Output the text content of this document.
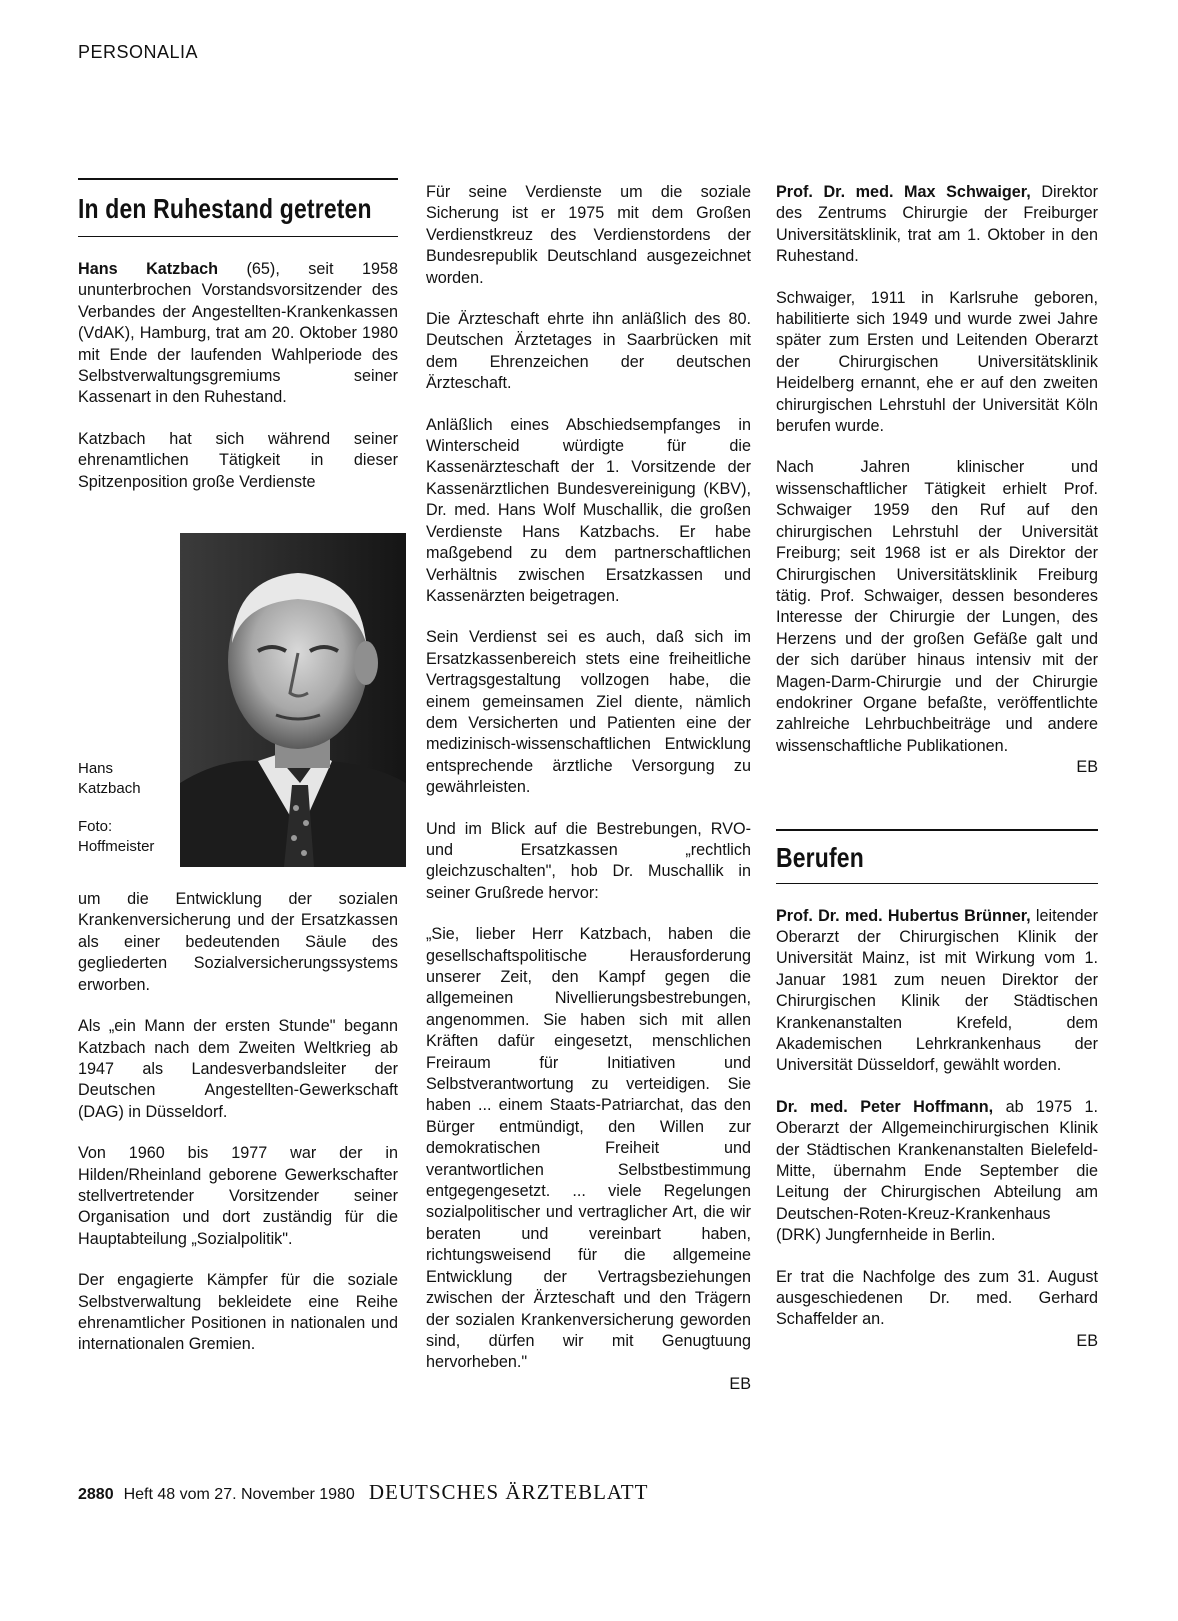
PERSONALIA
In den Ruhestand getreten

Hans Katzbach (65), seit 1958 ununterbrochen Vorstandsvorsitzender des Verbandes der Angestellten-Krankenkassen (VdAK), Hamburg, trat am 20. Oktober 1980 mit Ende der laufenden Wahlperiode des Selbstverwaltungsgremiums seiner Kassenart in den Ruhestand.

Katzbach hat sich während seiner ehrenamtlichen Tätigkeit in dieser Spitzenposition große Verdienste

Hans Katzbach
Foto: Hoffmeister

um die Entwicklung der sozialen Krankenversicherung und der Ersatzkassen als einer bedeutenden Säule des gegliederten Sozialversicherungssystems erworben.

Als „ein Mann der ersten Stunde" begann Katzbach nach dem Zweiten Weltkrieg ab 1947 als Landesverbandsleiter der Deutschen Angestellten-Gewerkschaft (DAG) in Düsseldorf.

Von 1960 bis 1977 war der in Hilden/Rheinland geborene Gewerkschafter stellvertretender Vorsitzender seiner Organisation und dort zuständig für die Hauptabteilung „Sozialpolitik".

Der engagierte Kämpfer für die soziale Selbstverwaltung bekleidete eine Reihe ehrenamtlicher Positionen in nationalen und internationalen Gremien.

Für seine Verdienste um die soziale Sicherung ist er 1975 mit dem Großen Verdienstkreuz des Verdienstordens der Bundesrepublik Deutschland ausgezeichnet worden.

Die Ärzteschaft ehrte ihn anläßlich des 80. Deutschen Ärztetages in Saarbrücken mit dem Ehrenzeichen der deutschen Ärzteschaft.

Anläßlich eines Abschiedsempfanges in Winterscheid würdigte für die Kassenärzteschaft der 1. Vorsitzende der Kassenärztlichen Bundesvereinigung (KBV), Dr. med. Hans Wolf Muschallik, die großen Verdienste Hans Katzbachs. Er habe maßgebend zu dem partnerschaftlichen Verhältnis zwischen Ersatzkassen und Kassenärzten beigetragen.

Sein Verdienst sei es auch, daß sich im Ersatzkassenbereich stets eine freiheitliche Vertragsgestaltung vollzogen habe, die einem gemeinsamen Ziel diente, nämlich dem Versicherten und Patienten eine der medizinisch-wissenschaftlichen Entwicklung entsprechende ärztliche Versorgung zu gewährleisten.

Und im Blick auf die Bestrebungen, RVO- und Ersatzkassen „rechtlich gleichzuschalten", hob Dr. Muschallik in seiner Grußrede hervor:

„Sie, lieber Herr Katzbach, haben die gesellschaftspolitische Herausforderung unserer Zeit, den Kampf gegen die allgemeinen Nivellierungsbestrebungen, angenommen. Sie haben sich mit allen Kräften dafür eingesetzt, menschlichen Freiraum für Initiativen und Selbstverantwortung zu verteidigen. Sie haben ... einem Staats-Patriarchat, das den Bürger entmündigt, den Willen zur demokratischen Freiheit und verantwortlichen Selbstbestimmung entgegengesetzt. ... viele Regelungen sozialpolitischer und vertraglicher Art, die wir beraten und vereinbart haben, richtungsweisend für die allgemeine Entwicklung der Vertragsbeziehungen zwischen der Ärzteschaft und den Trägern der sozialen Krankenversicherung geworden sind, dürfen wir mit Genugtuung hervorheben."

EB

Prof. Dr. med. Max Schwaiger, Direktor des Zentrums Chirurgie der Freiburger Universitätsklinik, trat am 1. Oktober in den Ruhestand.

Schwaiger, 1911 in Karlsruhe geboren, habilitierte sich 1949 und wurde zwei Jahre später zum Ersten und Leitenden Oberarzt der Chirurgischen Universitätsklinik Heidelberg ernannt, ehe er auf den zweiten chirurgischen Lehrstuhl der Universität Köln berufen wurde.

Nach Jahren klinischer und wissenschaftlicher Tätigkeit erhielt Prof. Schwaiger 1959 den Ruf auf den chirurgischen Lehrstuhl der Universität Freiburg; seit 1968 ist er als Direktor der Chirurgischen Universitätsklinik Freiburg tätig. Prof. Schwaiger, dessen besonderes Interesse der Chirurgie der Lungen, des Herzens und der großen Gefäße galt und der sich darüber hinaus intensiv mit der Magen-Darm-Chirurgie und der Chirurgie endokriner Organe befaßte, veröffentlichte zahlreiche Lehrbuchbeiträge und andere wissenschaftliche Publikationen.

EB
Berufen

Prof. Dr. med. Hubertus Brünner, leitender Oberarzt der Chirurgischen Klinik der Universität Mainz, ist mit Wirkung vom 1. Januar 1981 zum neuen Direktor der Chirurgischen Klinik der Städtischen Krankenanstalten Krefeld, dem Akademischen Lehrkrankenhaus der Universität Düsseldorf, gewählt worden.

Dr. med. Peter Hoffmann, ab 1975 1. Oberarzt der Allgemeinchirurgischen Klinik der Städtischen Krankenanstalten Bielefeld-Mitte, übernahm Ende September die Leitung der Chirurgischen Abteilung am Deutschen-Roten-Kreuz-Krankenhaus (DRK) Jungfernheide in Berlin.

Er trat die Nachfolge des zum 31. August ausgeschiedenen Dr. med. Gerhard Schaffelder an.

EB
2880 Heft 48 vom 27. November 1980 DEUTSCHES ÄRZTEBLATT
